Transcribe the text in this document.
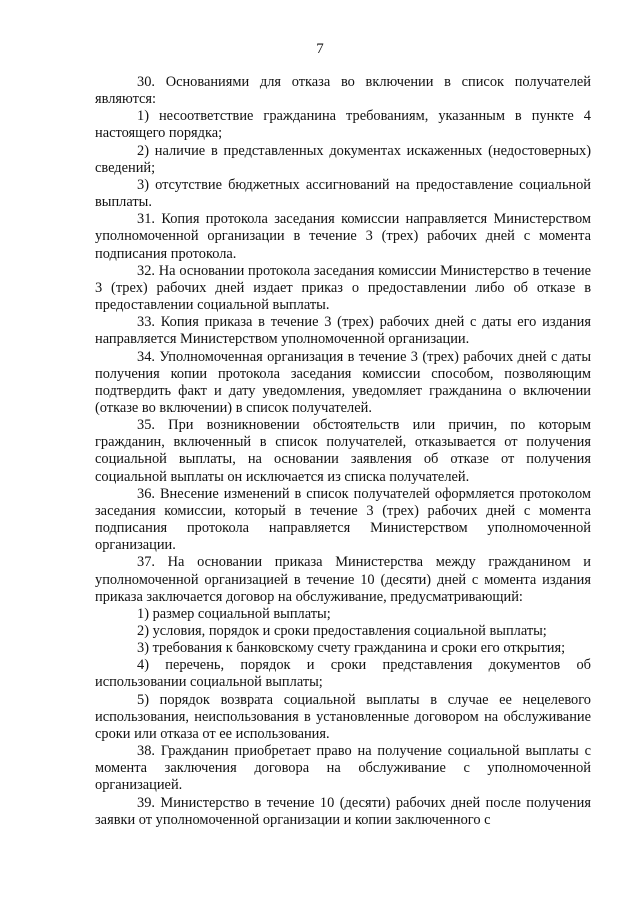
7

30. Основаниями для отказа во включении в список получателей являются:

1) несоответствие гражданина требованиям, указанным в пункте 4 настоящего порядка;

2) наличие в представленных документах искаженных (недостоверных) сведений;

3) отсутствие бюджетных ассигнований на предоставление социальной выплаты.

31. Копия протокола заседания комиссии направляется Министерством уполномоченной организации в течение 3 (трех) рабочих дней с момента подписания протокола.

32. На основании протокола заседания комиссии Министерство в течение 3 (трех) рабочих дней издает приказ о предоставлении либо об отказе в предоставлении социальной выплаты.

33. Копия приказа в течение 3 (трех) рабочих дней с даты его издания направляется Министерством уполномоченной организации.

34. Уполномоченная организация в течение 3 (трех) рабочих дней с даты получения копии протокола заседания комиссии способом, позволяющим подтвердить факт и дату уведомления, уведомляет гражданина о включении (отказе во включении) в список получателей.

35. При возникновении обстоятельств или причин, по которым гражданин, включенный в список получателей, отказывается от получения социальной выплаты, на основании заявления об отказе от получения социальной выплаты он исключается из списка получателей.

36. Внесение изменений в список получателей оформляется протоколом заседания комиссии, который в течение 3 (трех) рабочих дней с момента подписания протокола направляется Министерством уполномоченной организации.

37. На основании приказа Министерства между гражданином и уполномоченной организацией в течение 10 (десяти) дней с момента издания приказа заключается договор на обслуживание, предусматривающий:

1) размер социальной выплаты;

2) условия, порядок и сроки предоставления социальной выплаты;

3) требования к банковскому счету гражданина и сроки его открытия;

4) перечень, порядок и сроки представления документов об использовании социальной выплаты;

5) порядок возврата социальной выплаты в случае ее нецелевого использования, неиспользования в установленные договором на обслуживание сроки или отказа от ее использования.

38. Гражданин приобретает право на получение социальной выплаты с момента заключения договора на обслуживание с уполномоченной организацией.

39. Министерство в течение 10 (десяти) рабочих дней после получения заявки от уполномоченной организации и копии заключенного с
